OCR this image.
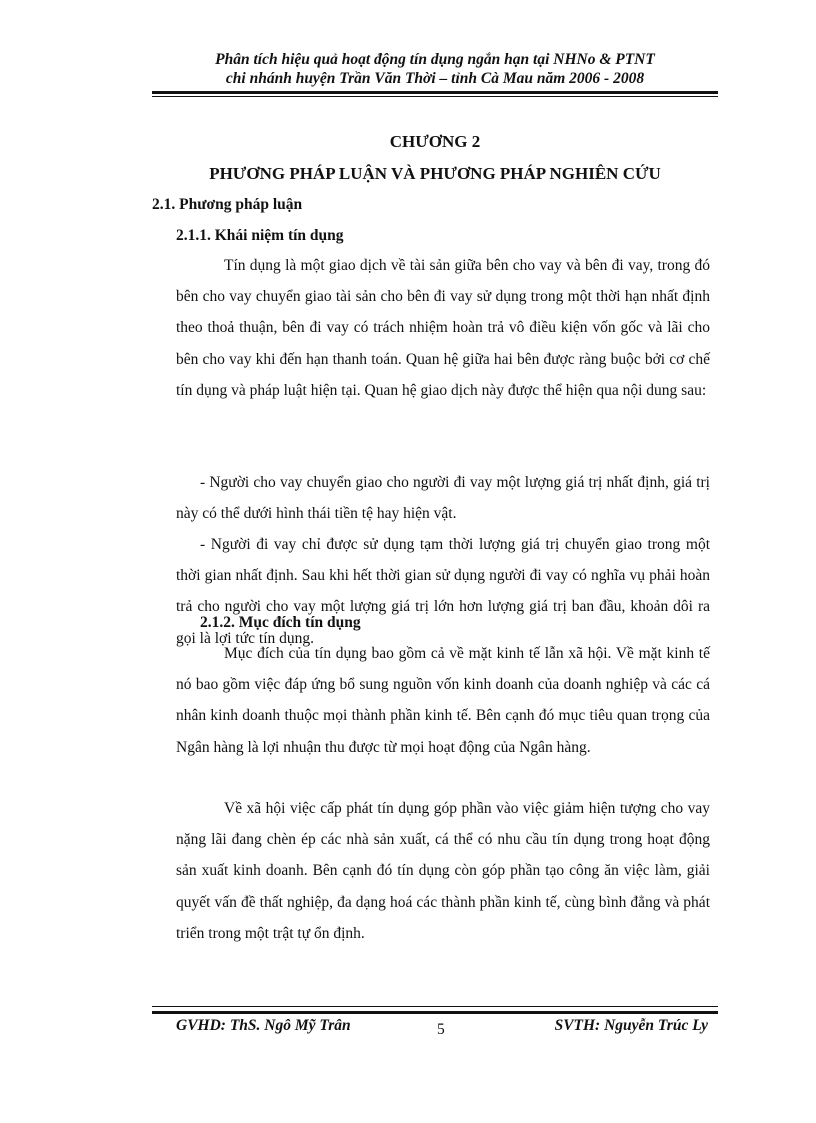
Phân tích hiệu quả hoạt động tín dụng ngắn hạn tại NHNo & PTNT
chi nhánh huyện Trần Văn Thời – tỉnh Cà Mau năm 2006 - 2008
CHƯƠNG 2
PHƯƠNG PHÁP LUẬN VÀ PHƯƠNG PHÁP NGHIÊN CỨU
2.1. Phương pháp luận
2.1.1. Khái niệm tín dụng
Tín dụng là một giao dịch về tài sản giữa bên cho vay và bên đi vay, trong đó bên cho vay chuyển giao tài sản cho bên đi vay sử dụng trong một thời hạn nhất định theo thoả thuận, bên đi vay có trách nhiệm hoàn trả vô điều kiện vốn gốc và lãi cho bên cho vay khi đến hạn thanh toán. Quan hệ giữa hai bên được ràng buộc bởi cơ chế tín dụng và pháp luật hiện tại. Quan hệ giao dịch này được thể hiện qua nội dung sau:
- Người cho vay chuyển giao cho người đi vay một lượng giá trị nhất định, giá trị này có thể dưới hình thái tiền tệ hay hiện vật.
- Người đi vay chỉ được sử dụng tạm thời lượng giá trị chuyển giao trong một thời gian nhất định. Sau khi hết thời gian sử dụng người đi vay có nghĩa vụ phải hoàn trả cho người cho vay một lượng giá trị lớn hơn lượng giá trị ban đầu, khoản dôi ra gọi là lợi tức tín dụng.
2.1.2. Mục đích tín dụng
Mục đích của tín dụng bao gồm cả về mặt kinh tế lẫn xã hội. Về mặt kinh tế nó bao gồm việc đáp ứng bổ sung nguồn vốn kinh doanh của doanh nghiệp và các cá nhân kinh doanh thuộc mọi thành phần kinh tế. Bên cạnh đó mục tiêu quan trọng của Ngân hàng là lợi nhuận thu được từ mọi hoạt động của Ngân hàng.
Về xã hội việc cấp phát tín dụng góp phần vào việc giảm hiện tượng cho vay nặng lãi đang chèn ép các nhà sản xuất, cá thể có nhu cầu tín dụng trong hoạt động sản xuất kinh doanh. Bên cạnh đó tín dụng còn góp phần tạo công ăn việc làm, giải quyết vấn đề thất nghiệp, đa dạng hoá các thành phần kinh tế, cùng bình đẳng và phát triển trong một trật tự ổn định.
GVHD: ThS. Ngô Mỹ Trân	5	SVTH: Nguyễn Trúc Ly
